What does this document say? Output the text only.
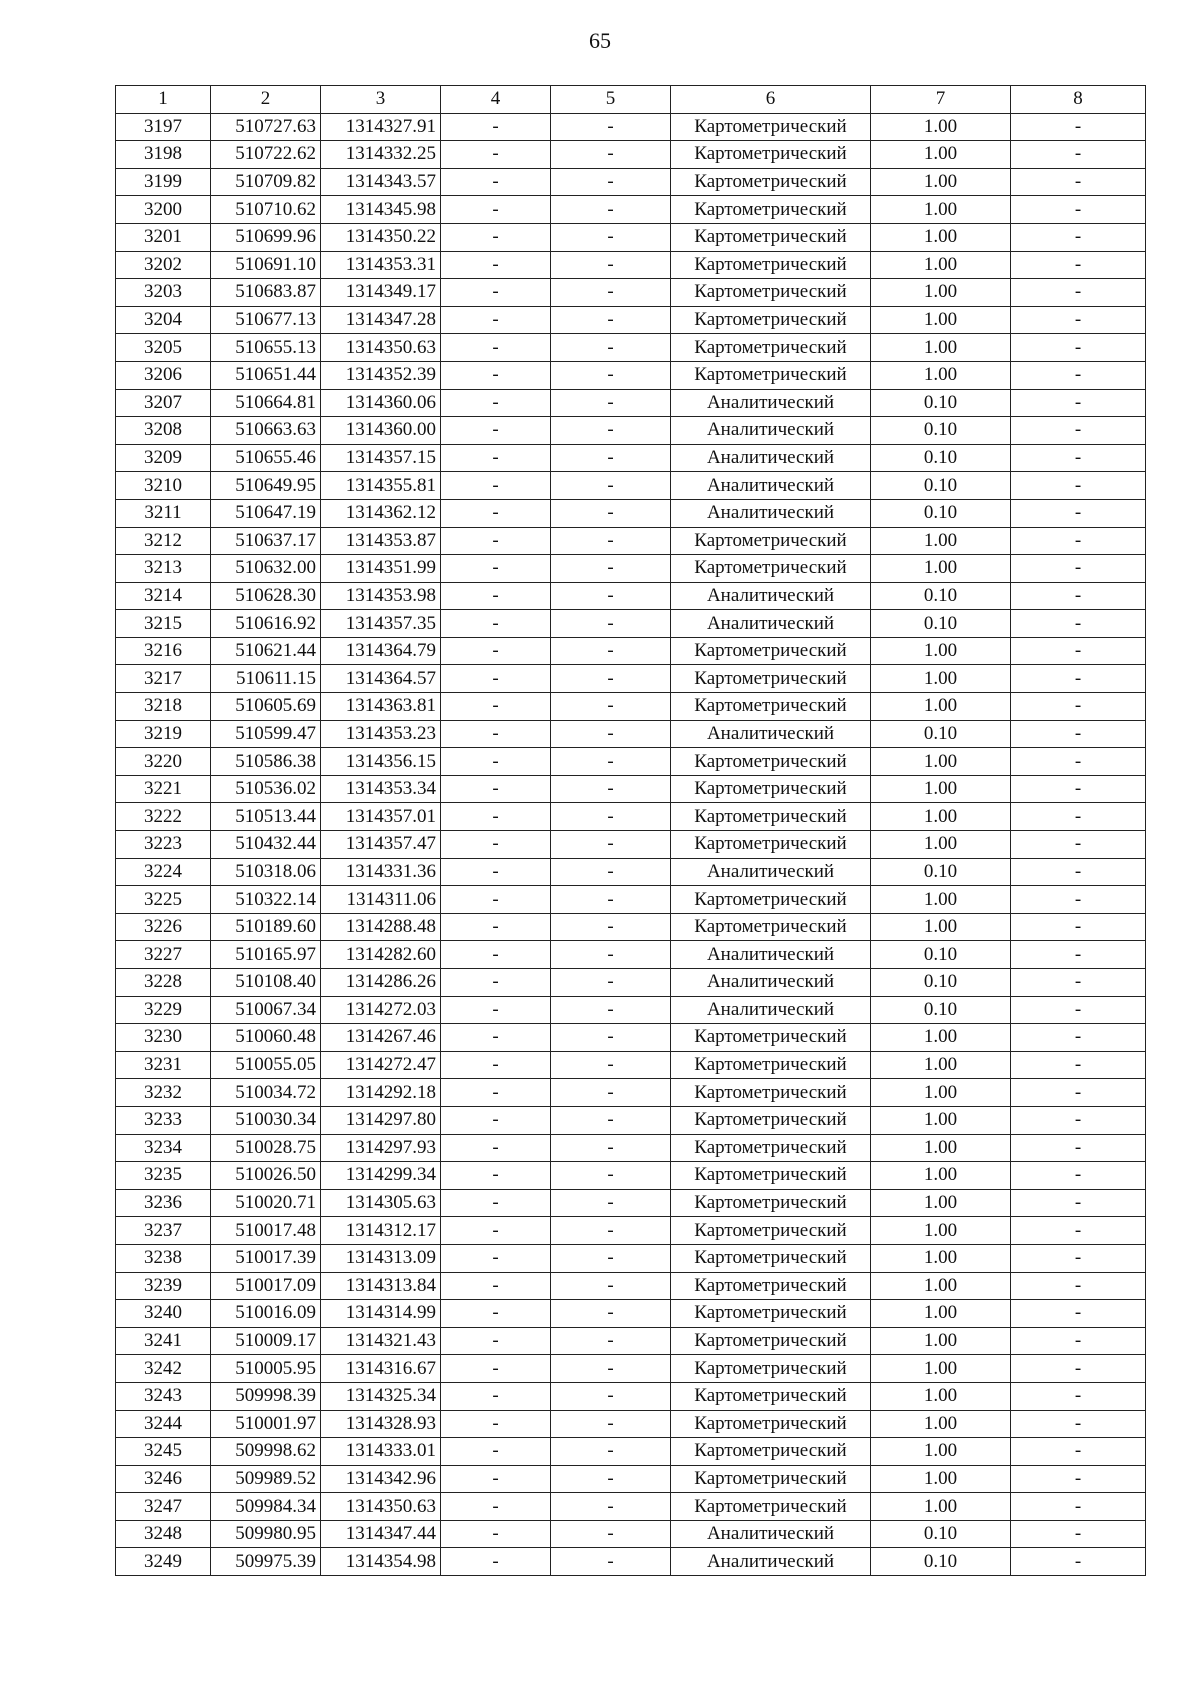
65
1	2	3	4	5	6	7	8
3197	510727.63	1314327.91	-	-	Картометрический	1.00	-
3198	510722.62	1314332.25	-	-	Картометрический	1.00	-
3199	510709.82	1314343.57	-	-	Картометрический	1.00	-
3200	510710.62	1314345.98	-	-	Картометрический	1.00	-
3201	510699.96	1314350.22	-	-	Картометрический	1.00	-
3202	510691.10	1314353.31	-	-	Картометрический	1.00	-
3203	510683.87	1314349.17	-	-	Картометрический	1.00	-
3204	510677.13	1314347.28	-	-	Картометрический	1.00	-
3205	510655.13	1314350.63	-	-	Картометрический	1.00	-
3206	510651.44	1314352.39	-	-	Картометрический	1.00	-
3207	510664.81	1314360.06	-	-	Аналитический	0.10	-
3208	510663.63	1314360.00	-	-	Аналитический	0.10	-
3209	510655.46	1314357.15	-	-	Аналитический	0.10	-
3210	510649.95	1314355.81	-	-	Аналитический	0.10	-
3211	510647.19	1314362.12	-	-	Аналитический	0.10	-
3212	510637.17	1314353.87	-	-	Картометрический	1.00	-
3213	510632.00	1314351.99	-	-	Картометрический	1.00	-
3214	510628.30	1314353.98	-	-	Аналитический	0.10	-
3215	510616.92	1314357.35	-	-	Аналитический	0.10	-
3216	510621.44	1314364.79	-	-	Картометрический	1.00	-
3217	510611.15	1314364.57	-	-	Картометрический	1.00	-
3218	510605.69	1314363.81	-	-	Картометрический	1.00	-
3219	510599.47	1314353.23	-	-	Аналитический	0.10	-
3220	510586.38	1314356.15	-	-	Картометрический	1.00	-
3221	510536.02	1314353.34	-	-	Картометрический	1.00	-
3222	510513.44	1314357.01	-	-	Картометрический	1.00	-
3223	510432.44	1314357.47	-	-	Картометрический	1.00	-
3224	510318.06	1314331.36	-	-	Аналитический	0.10	-
3225	510322.14	1314311.06	-	-	Картометрический	1.00	-
3226	510189.60	1314288.48	-	-	Картометрический	1.00	-
3227	510165.97	1314282.60	-	-	Аналитический	0.10	-
3228	510108.40	1314286.26	-	-	Аналитический	0.10	-
3229	510067.34	1314272.03	-	-	Аналитический	0.10	-
3230	510060.48	1314267.46	-	-	Картометрический	1.00	-
3231	510055.05	1314272.47	-	-	Картометрический	1.00	-
3232	510034.72	1314292.18	-	-	Картометрический	1.00	-
3233	510030.34	1314297.80	-	-	Картометрический	1.00	-
3234	510028.75	1314297.93	-	-	Картометрический	1.00	-
3235	510026.50	1314299.34	-	-	Картометрический	1.00	-
3236	510020.71	1314305.63	-	-	Картометрический	1.00	-
3237	510017.48	1314312.17	-	-	Картометрический	1.00	-
3238	510017.39	1314313.09	-	-	Картометрический	1.00	-
3239	510017.09	1314313.84	-	-	Картометрический	1.00	-
3240	510016.09	1314314.99	-	-	Картометрический	1.00	-
3241	510009.17	1314321.43	-	-	Картометрический	1.00	-
3242	510005.95	1314316.67	-	-	Картометрический	1.00	-
3243	509998.39	1314325.34	-	-	Картометрический	1.00	-
3244	510001.97	1314328.93	-	-	Картометрический	1.00	-
3245	509998.62	1314333.01	-	-	Картометрический	1.00	-
3246	509989.52	1314342.96	-	-	Картометрический	1.00	-
3247	509984.34	1314350.63	-	-	Картометрический	1.00	-
3248	509980.95	1314347.44	-	-	Аналитический	0.10	-
3249	509975.39	1314354.98	-	-	Аналитический	0.10	-
